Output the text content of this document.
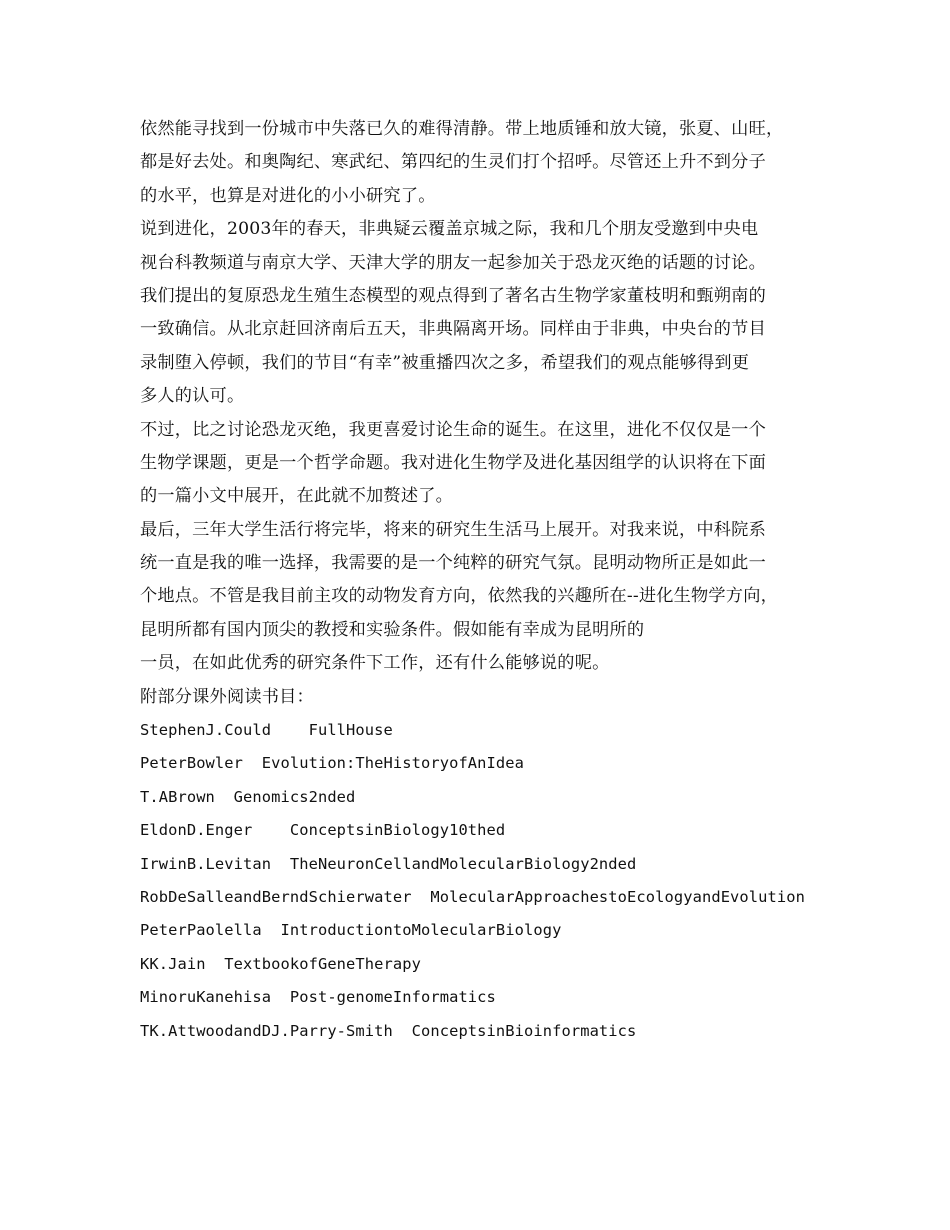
依然能寻找到一份城市中失落已久的难得清静。带上地质锤和放大镜，张夏、山旺，
都是好去处。和奥陶纪、寒武纪、第四纪的生灵们打个招呼。尽管还上升不到分子
的水平，也算是对进化的小小研究了。
说到进化，2003年的春天，非典疑云覆盖京城之际，我和几个朋友受邀到中央电
视台科教频道与南京大学、天津大学的朋友一起参加关于恐龙灭绝的话题的讨论。
我们提出的复原恐龙生殖生态模型的观点得到了著名古生物学家董枝明和甄朔南的
一致确信。从北京赶回济南后五天，非典隔离开场。同样由于非典，中央台的节目
录制堕入停顿，我们的节目“有幸”被重播四次之多，希望我们的观点能够得到更
多人的认可。
不过，比之讨论恐龙灭绝，我更喜爱讨论生命的诞生。在这里，进化不仅仅是一个
生物学课题，更是一个哲学命题。我对进化生物学及进化基因组学的认识将在下面
的一篇小文中展开，在此就不加赘述了。
最后，三年大学生活行将完毕，将来的研究生生活马上展开。对我来说，中科院系
统一直是我的唯一选择，我需要的是一个纯粹的研究气氛。昆明动物所正是如此一
个地点。不管是我目前主攻的动物发育方向，依然我的兴趣所在--进化生物学方向，
昆明所都有国内顶尖的教授和实验条件。假如能有幸成为昆明所的
一员，在如此优秀的研究条件下工作，还有什么能够说的呢。
附部分课外阅读书目：
StephenJ.Could    FullHouse
PeterBowler  Evolution:TheHistoryofAnIdea
T.ABrown  Genomics2nded
EldonD.Enger    ConceptsinBiology10thed
IrwinB.Levitan  TheNeuronCellandMolecularBiology2nded
RobDeSalleandBerndSchierwater  MolecularApproachestoEcologyandEvolution
PeterPaolella  IntroductiontoMolecularBiology
KK.Jain  TextbookofGeneTherapy
MinoruKanehisa  Post-genomeInformatics
TK.AttwoodandDJ.Parry-Smith  ConceptsinBioinformatics
